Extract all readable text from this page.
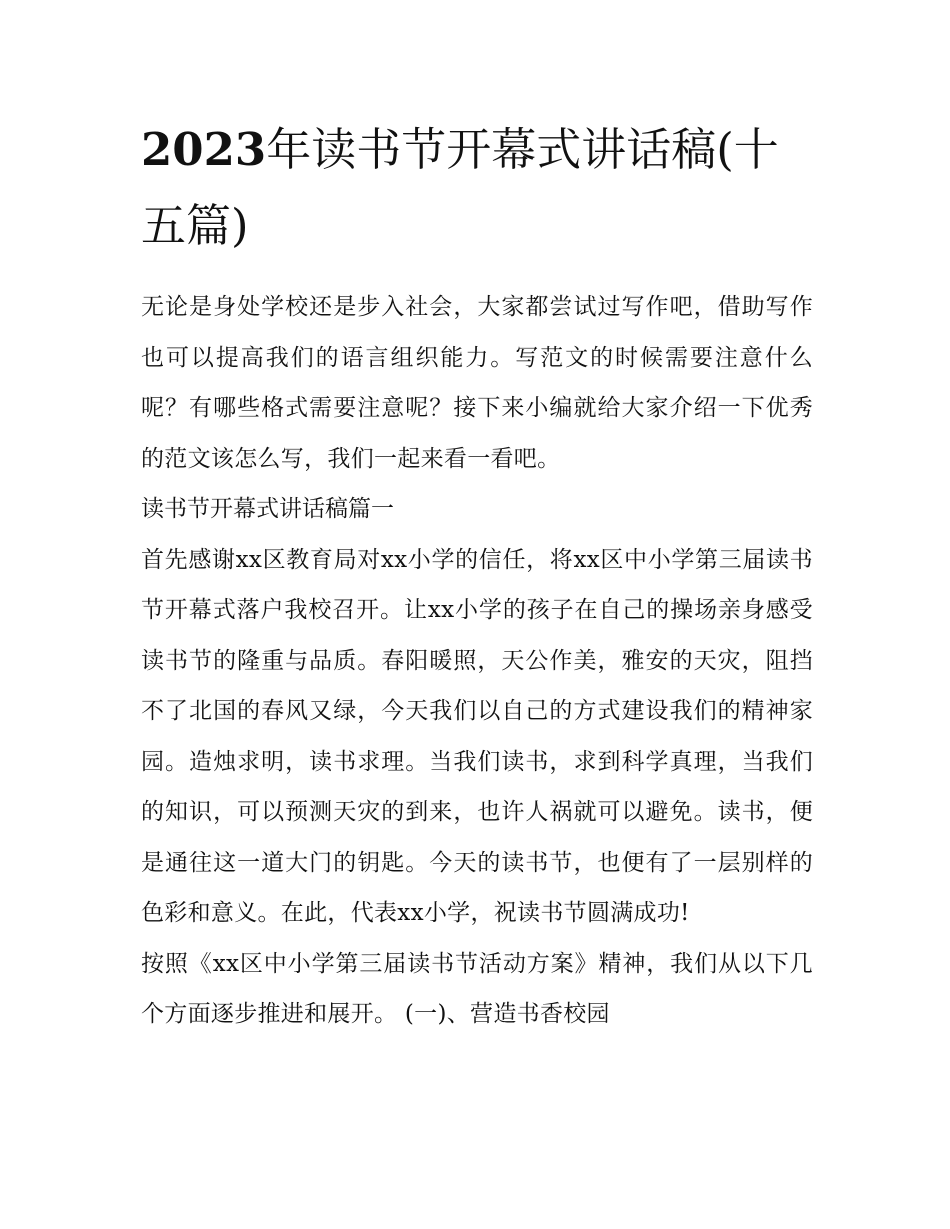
2023年读书节开幕式讲话稿(十五篇)

无论是身处学校还是步入社会，大家都尝试过写作吧，借助写作也可以提高我们的语言组织能力。写范文的时候需要注意什么呢？有哪些格式需要注意呢？接下来小编就给大家介绍一下优秀的范文该怎么写，我们一起来看一看吧。

读书节开幕式讲话稿篇一

首先感谢xx区教育局对xx小学的信任，将xx区中小学第三届读书节开幕式落户我校召开。让xx小学的孩子在自己的操场亲身感受读书节的隆重与品质。春阳暖照，天公作美，雅安的天灾，阻挡不了北国的春风又绿，今天我们以自己的方式建设我们的精神家园。造烛求明，读书求理。当我们读书，求到科学真理，当我们的知识，可以预测天灾的到来，也许人祸就可以避免。读书，便是通往这一道大门的钥匙。今天的读书节，也便有了一层别样的色彩和意义。在此，代表xx小学，祝读书节圆满成功!

按照《xx区中小学第三届读书节活动方案》精神，我们从以下几个方面逐步推进和展开。 (一)、营造书香校园
